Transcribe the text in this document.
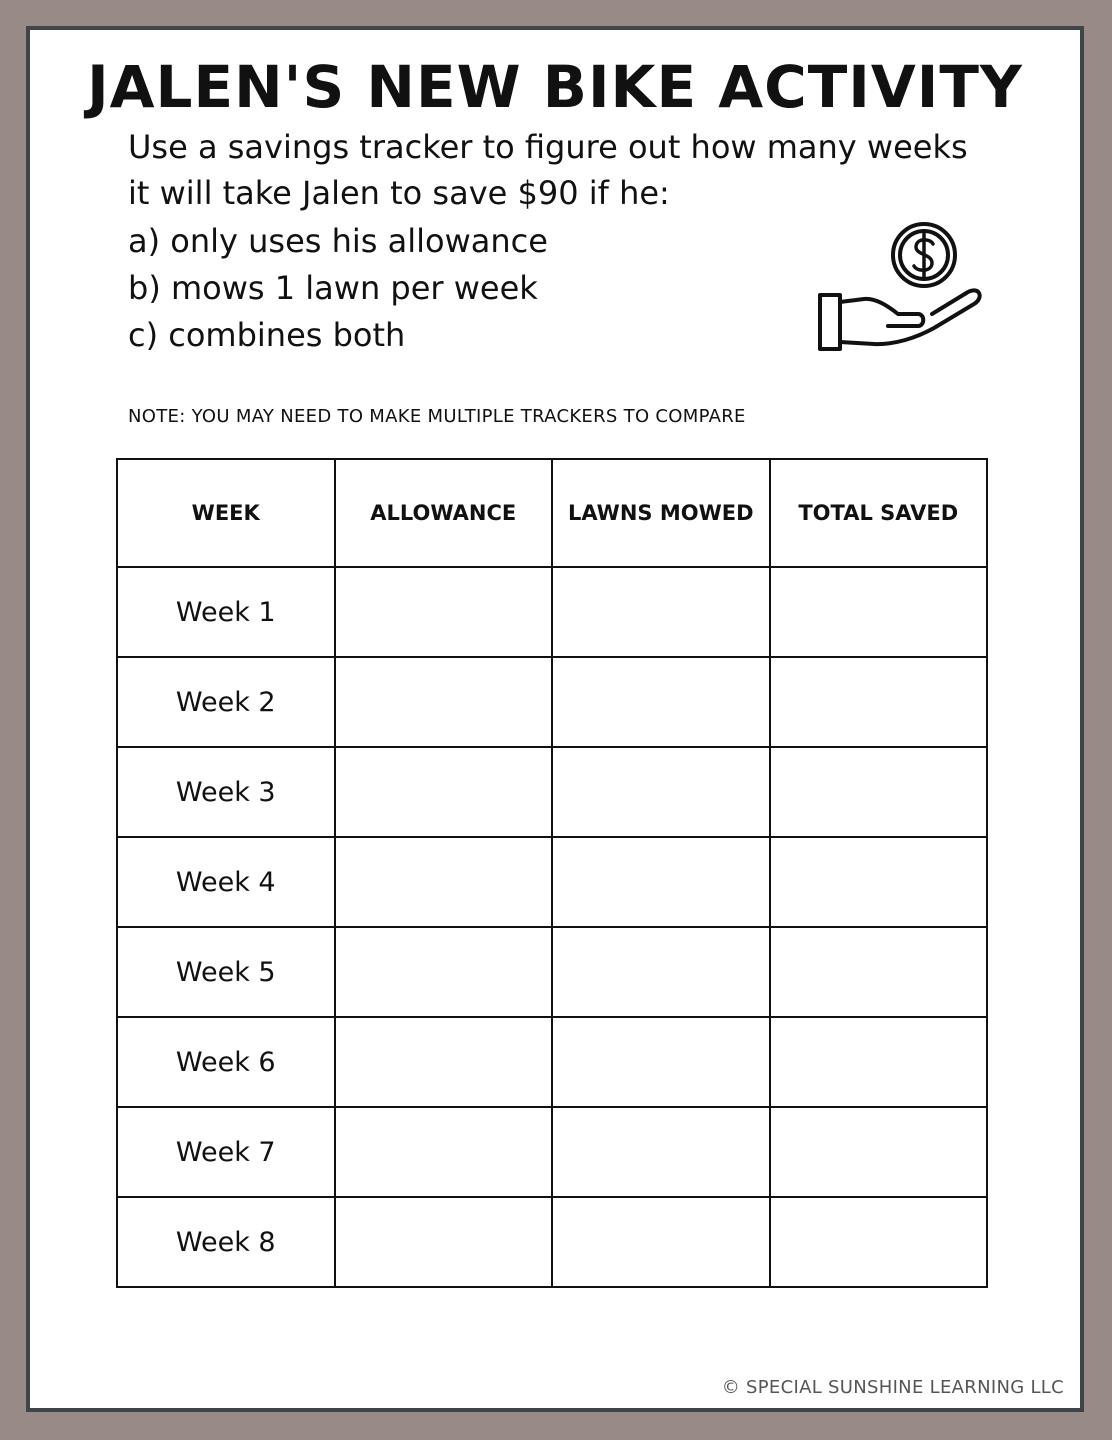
JALEN'S NEW BIKE ACTIVITY

Use a savings tracker to figure out how many weeks

it will take Jalen to save $90 if he:

a) only uses his allowance
b) mows 1 lawn per week
c) combines both

NOTE: YOU MAY NEED TO MAKE MULTIPLE TRACKERS TO COMPARE

WEEK	ALLOWANCE	LAWNS MOWED	TOTAL SAVED
Week 1			
Week 2			
Week 3			
Week 4			
Week 5			
Week 6			
Week 7			
Week 8			

© SPECIAL SUNSHINE LEARNING LLC
